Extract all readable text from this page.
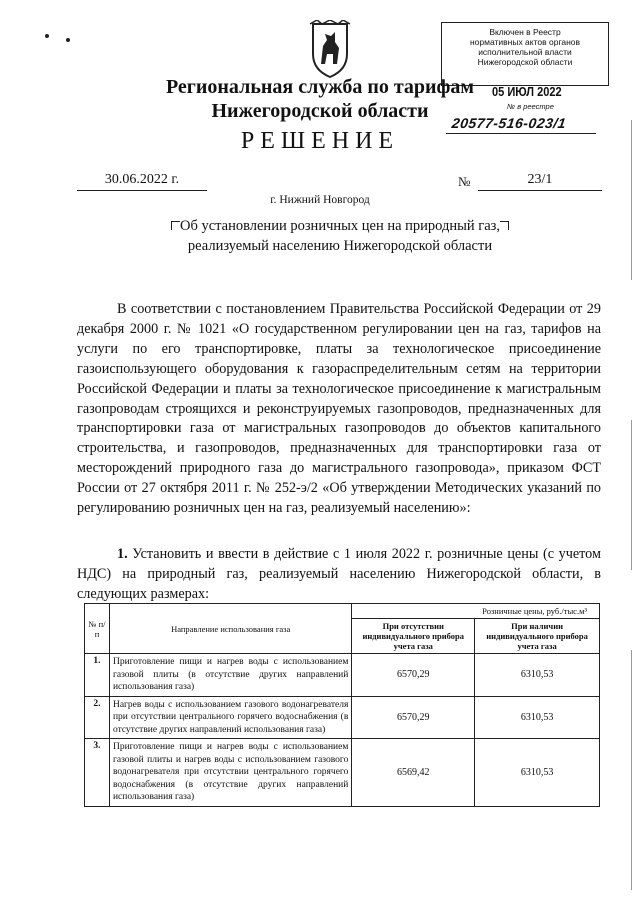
Включен в Реестр
нормативных актов органов
исполнительной власти
Нижегородской области
05 ИЮЛ 2022
№ в реестре
20577-516-023/1
Региональная служба по тарифам
Нижегородской области
РЕШЕНИЕ
30.06.2022 г.	№	23/1
г. Нижний Новгород
Об установлении розничных цен на природный газ, реализуемый населению Нижегородской области
В соответствии с постановлением Правительства Российской Федерации от 29 декабря 2000 г. № 1021 «О государственном регулировании цен на газ, тарифов на услуги по его транспортировке, платы за технологическое присоединение газоиспользующего оборудования к газораспределительным сетям на территории Российской Федерации и платы за технологическое присоединение к магистральным газопроводам строящихся и реконструируемых газопроводов, предназначенных для транспортировки газа от магистральных газопроводов до объектов капитального строительства, и газопроводов, предназначенных для транспортировки газа от месторождений природного газа до магистрального газопровода», приказом ФСТ России от 27 октября 2011 г. № 252-э/2 «Об утверждении Методических указаний по регулированию розничных цен на газ, реализуемый населению»:
1. Установить и ввести в действие с 1 июля 2022 г. розничные цены (с учетом НДС) на природный газ, реализуемый населению Нижегородской области, в следующих размерах:
№ п/п	Направление использования газа	Розничные цены, руб./тыс.м³	
		При отсутствии индивидуального прибора учета газа	При наличии индивидуального прибора учета газа
1.	Приготовление пищи и нагрев воды с использованием газовой плиты (в отсутствие других направлений использования газа)	6570,29	6310,53
2.	Нагрев воды с использованием газового водонагревателя при отсутствии центрального горячего водоснабжения (в отсутствие других направлений использования газа)	6570,29	6310,53
3.	Приготовление пищи и нагрев воды с использованием газовой плиты и нагрев воды с использованием газового водонагревателя при отсутствии центрального горячего водоснабжения (в отсутствие других направлений использования газа)	6569,42	6310,53
